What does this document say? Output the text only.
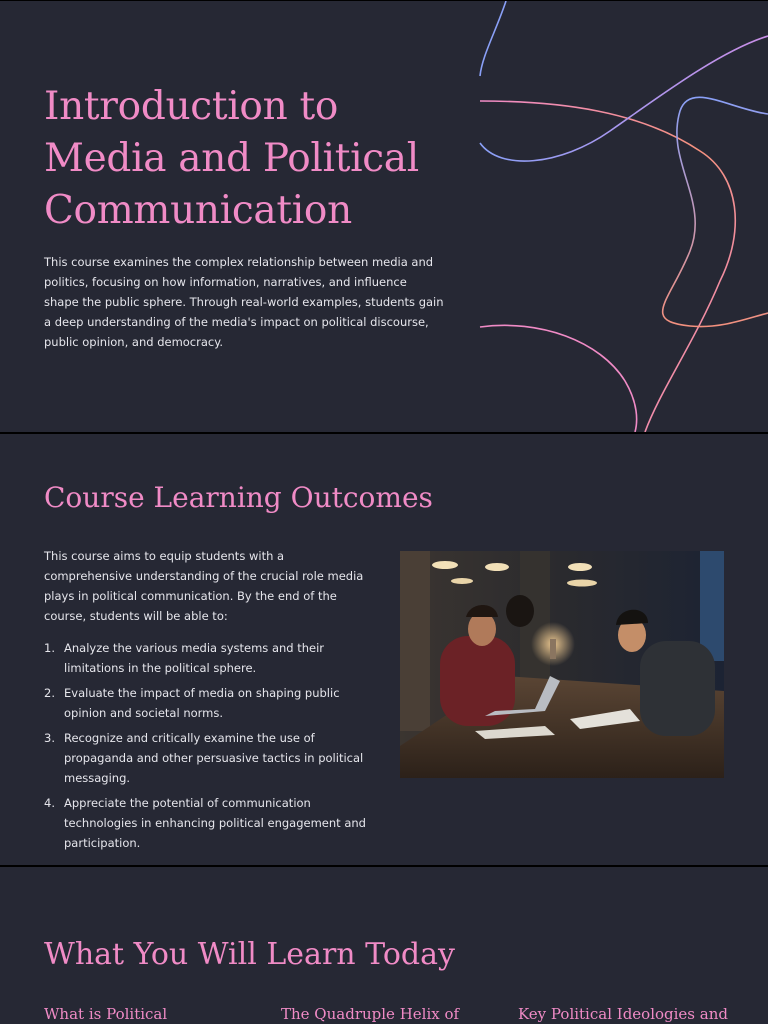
Introduction to
Media and Political
Communication

This course examines the complex relationship between media and politics, focusing on how information, narratives, and influence shape the public sphere. Through real-world examples, students gain a deep understanding of the media's impact on political discourse, public opinion, and democracy.

Course Learning Outcomes

This course aims to equip students with a comprehensive understanding of the crucial role media plays in political communication. By the end of the course, students will be able to:

1. Analyze the various media systems and their limitations in the political sphere.
2. Evaluate the impact of media on shaping public opinion and societal norms.
3. Recognize and critically examine the use of propaganda and other persuasive tactics in political messaging.
4. Appreciate the potential of communication technologies in enhancing political engagement and participation.
What You Will Learn Today

What is Political	The Quadruple Helix of	Key Political Ideologies and
